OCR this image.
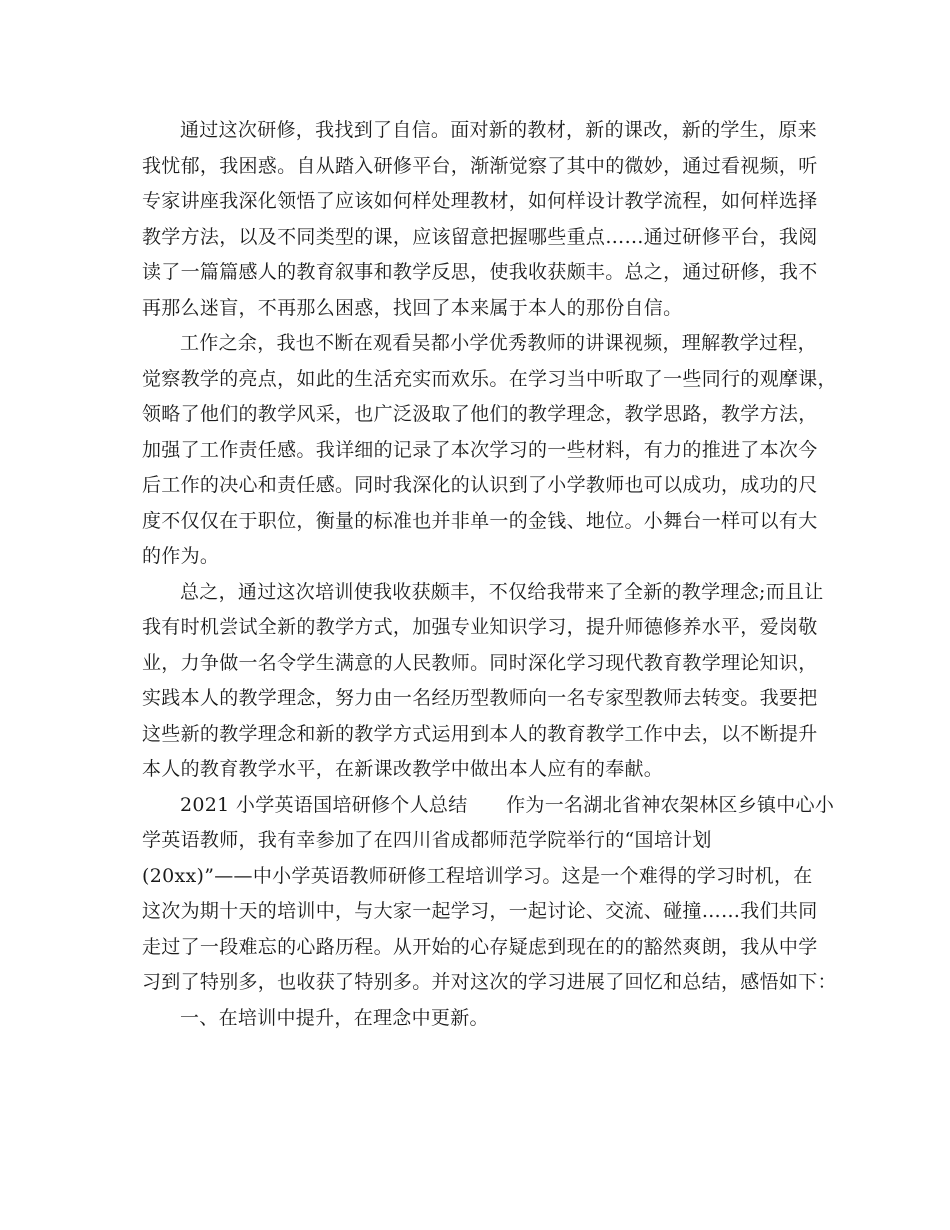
通过这次研修，我找到了自信。面对新的教材，新的课改，新的学生，原来
我忧郁，我困惑。自从踏入研修平台，渐渐觉察了其中的微妙，通过看视频，听
专家讲座我深化领悟了应该如何样处理教材，如何样设计教学流程，如何样选择
教学方法，以及不同类型的课，应该留意把握哪些重点……通过研修平台，我阅
读了一篇篇感人的教育叙事和教学反思，使我收获颇丰。总之，通过研修，我不
再那么迷盲，不再那么困惑，找回了本来属于本人的那份自信。
工作之余，我也不断在观看吴都小学优秀教师的讲课视频，理解教学过程，
觉察教学的亮点，如此的生活充实而欢乐。在学习当中听取了一些同行的观摩课，
领略了他们的教学风采，也广泛汲取了他们的教学理念，教学思路，教学方法，
加强了工作责任感。我详细的记录了本次学习的一些材料，有力的推进了本次今
后工作的决心和责任感。同时我深化的认识到了小学教师也可以成功，成功的尺
度不仅仅在于职位，衡量的标准也并非单一的金钱、地位。小舞台一样可以有大
的作为。
总之，通过这次培训使我收获颇丰，不仅给我带来了全新的教学理念;而且让
我有时机尝试全新的教学方式，加强专业知识学习，提升师德修养水平，爱岗敬
业，力争做一名令学生满意的人民教师。同时深化学习现代教育教学理论知识，
实践本人的教学理念，努力由一名经历型教师向一名专家型教师去转变。我要把
这些新的教学理念和新的教学方式运用到本人的教育教学工作中去，以不断提升
本人的教育教学水平，在新课改教学中做出本人应有的奉献。
2021 小学英语国培研修个人总结　　作为一名湖北省神农架林区乡镇中心小
学英语教师，我有幸参加了在四川省成都师范学院举行的“国培计划
(20xx)”——中小学英语教师研修工程培训学习。这是一个难得的学习时机，在
这次为期十天的培训中，与大家一起学习，一起讨论、交流、碰撞……我们共同
走过了一段难忘的心路历程。从开始的心存疑虑到现在的的豁然爽朗，我从中学
习到了特别多，也收获了特别多。并对这次的学习进展了回忆和总结，感悟如下：
一、在培训中提升，在理念中更新。
